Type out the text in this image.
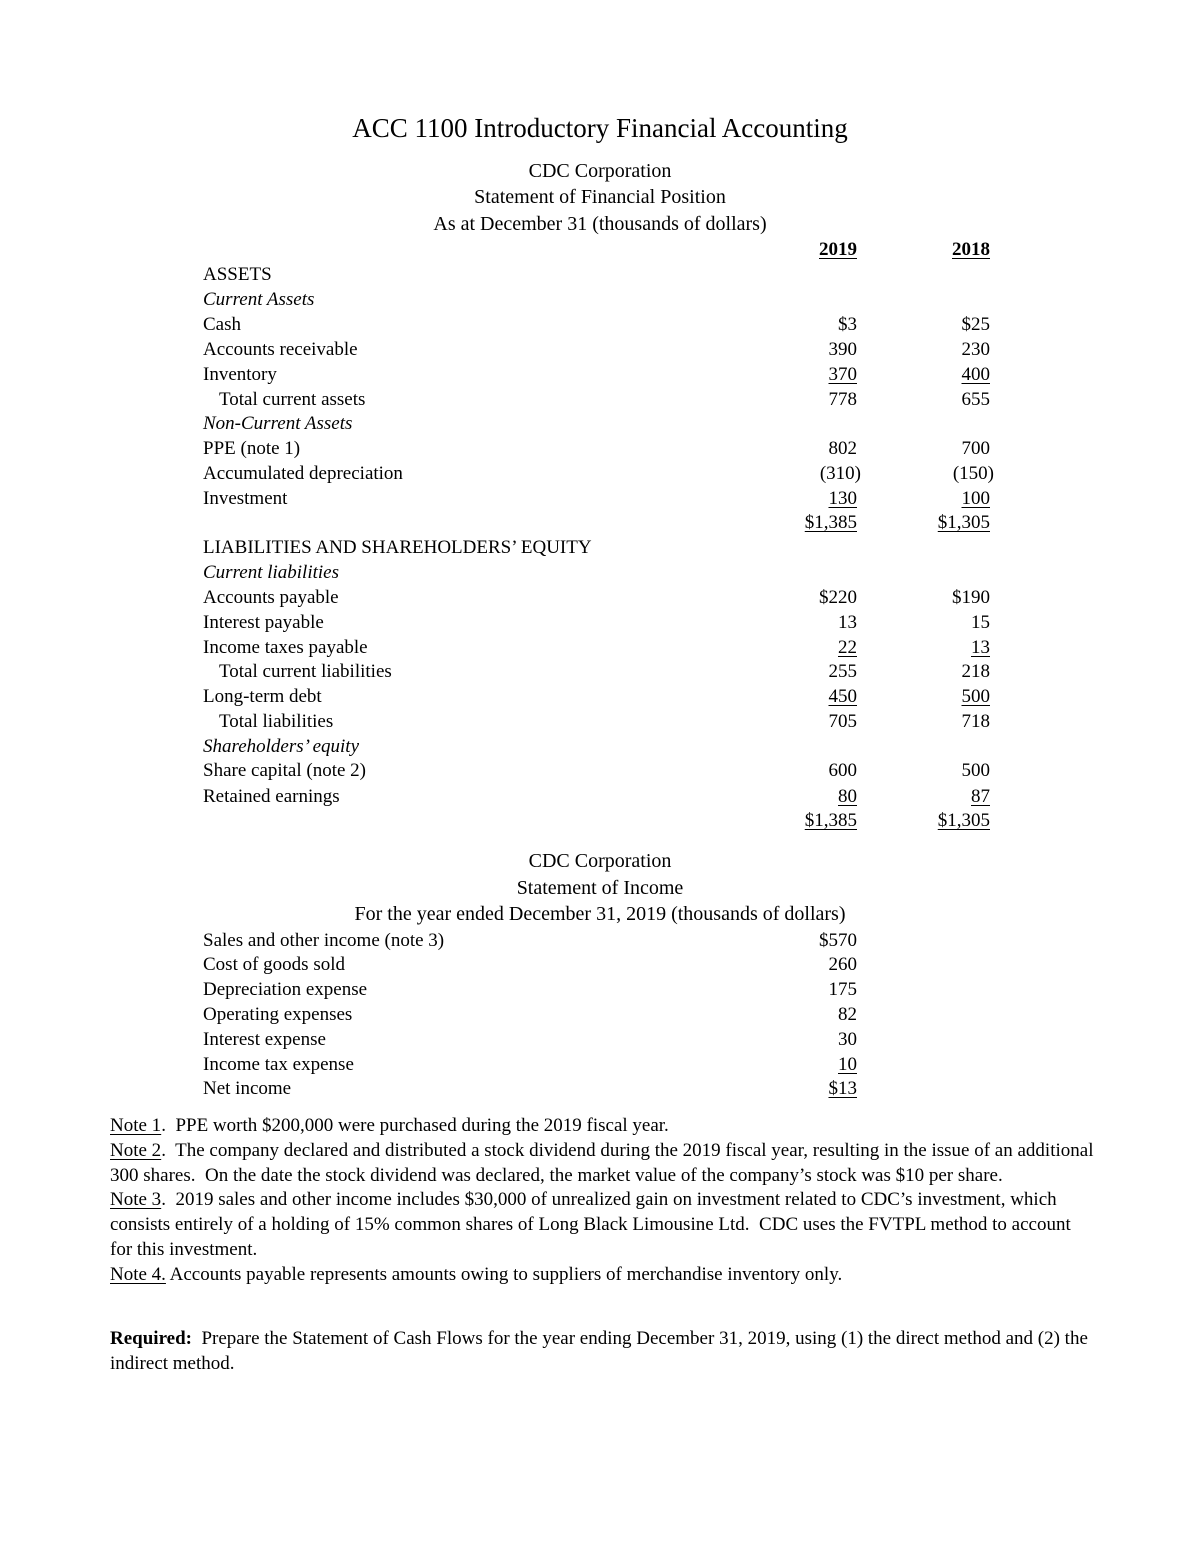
ACC 1100 Introductory Financial Accounting
CDC Corporation
Statement of Financial Position
As at December 31 (thousands of dollars)
2019	2018
ASSETS
Current Assets
Cash	$3	$25
Accounts receivable	390	230
Inventory	370	400
Total current assets	778	655
Non-Current Assets
PPE (note 1)	802	700
Accumulated depreciation	(310)	(150)
Investment	130	100
$1,385	$1,305
LIABILITIES AND SHAREHOLDERS’ EQUITY
Current liabilities
Accounts payable	$220	$190
Interest payable	13	15
Income taxes payable	22	13
Total current liabilities	255	218
Long-term debt	450	500
Total liabilities	705	718
Shareholders’ equity
Share capital (note 2)	600	500
Retained earnings	80	87
$1,385	$1,305
CDC Corporation
Statement of Income
For the year ended December 31, 2019 (thousands of dollars)
Sales and other income (note 3)	$570
Cost of goods sold	260
Depreciation expense	175
Operating expenses	82
Interest expense	30
Income tax expense	10
Net income	$13

Note 1.  PPE worth $200,000 were purchased during the 2019 fiscal year.

Note 2.  The company declared and distributed a stock dividend during the 2019 fiscal year, resulting in the issue of an additional 300 shares.  On the date the stock dividend was declared, the market value of the company’s stock was $10 per share.

Note 3.  2019 sales and other income includes $30,000 of unrealized gain on investment related to CDC’s investment, which consists entirely of a holding of 15% common shares of Long Black Limousine Ltd.  CDC uses the FVTPL method to account for this investment.

Note 4. Accounts payable represents amounts owing to suppliers of merchandise inventory only.

Required:  Prepare the Statement of Cash Flows for the year ending December 31, 2019, using (1) the direct method and (2) the indirect method.
